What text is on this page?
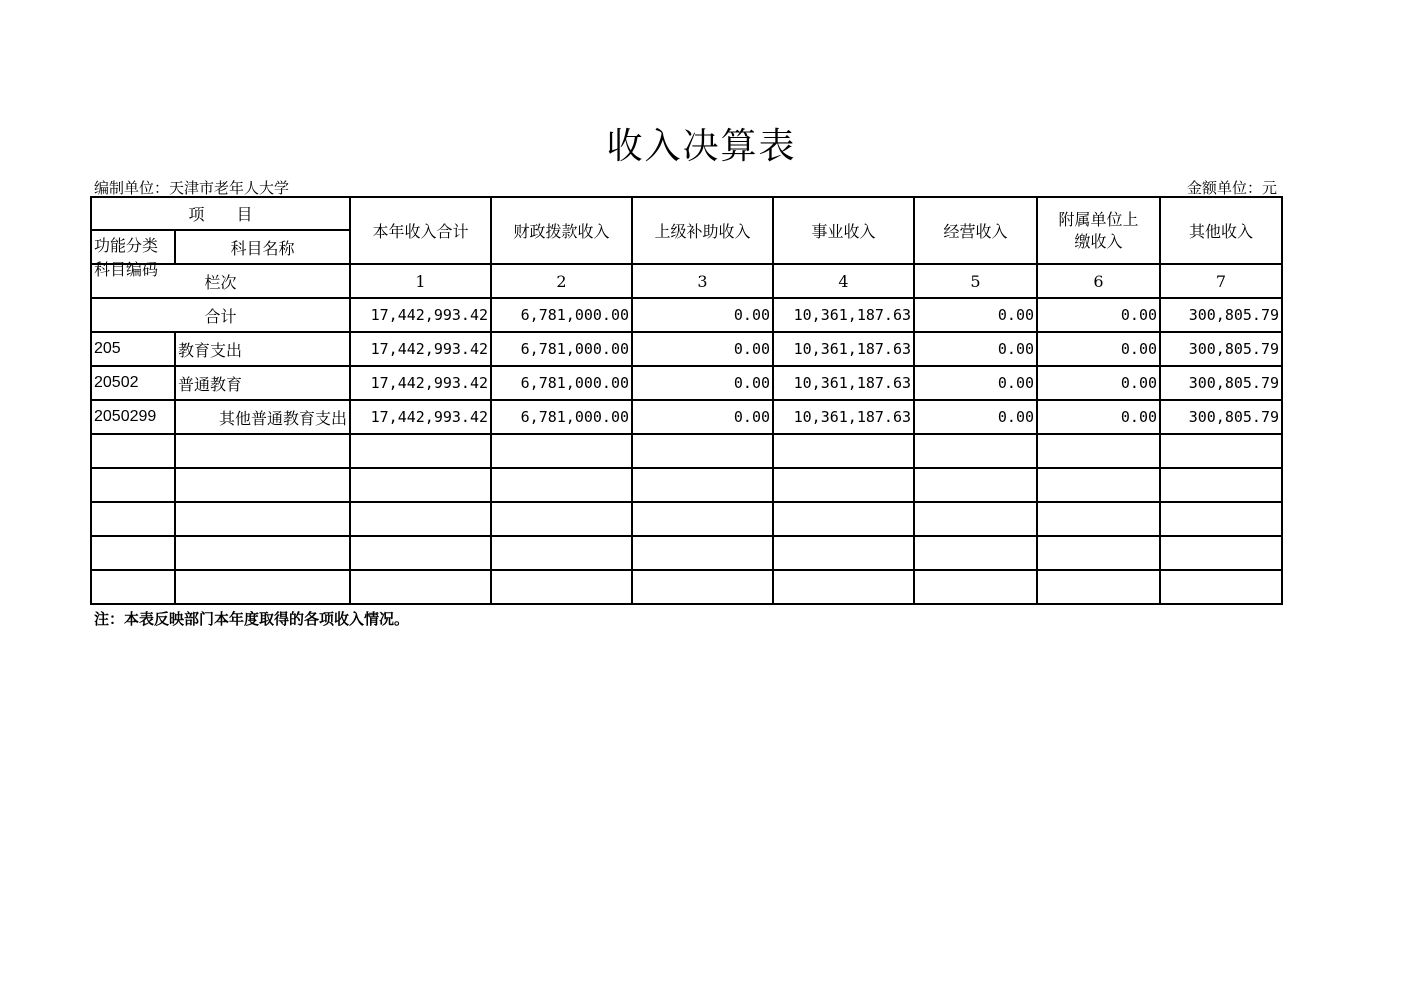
收入决算表
编制单位：天津市老年人大学	金额单位：元
项　　目		本年收入合计	财政拨款收入	上级补助收入	事业收入	经营收入	附属单位上缴收入	其他收入

功能分类科目编码	科目名称							
栏次		1	2	3	4	5	6	7
合计		17,442,993.42	6,781,000.00	0.00	10,361,187.63	0.00	0.00	300,805.79
205	教育支出	17,442,993.42	6,781,000.00	0.00	10,361,187.63	0.00	0.00	300,805.79
20502	普通教育	17,442,993.42	6,781,000.00	0.00	10,361,187.63	0.00	0.00	300,805.79
2050299	其他普通教育支出	17,442,993.42	6,781,000.00	0.00	10,361,187.63	0.00	0.00	300,805.79

注：本表反映部门本年度取得的各项收入情况。
